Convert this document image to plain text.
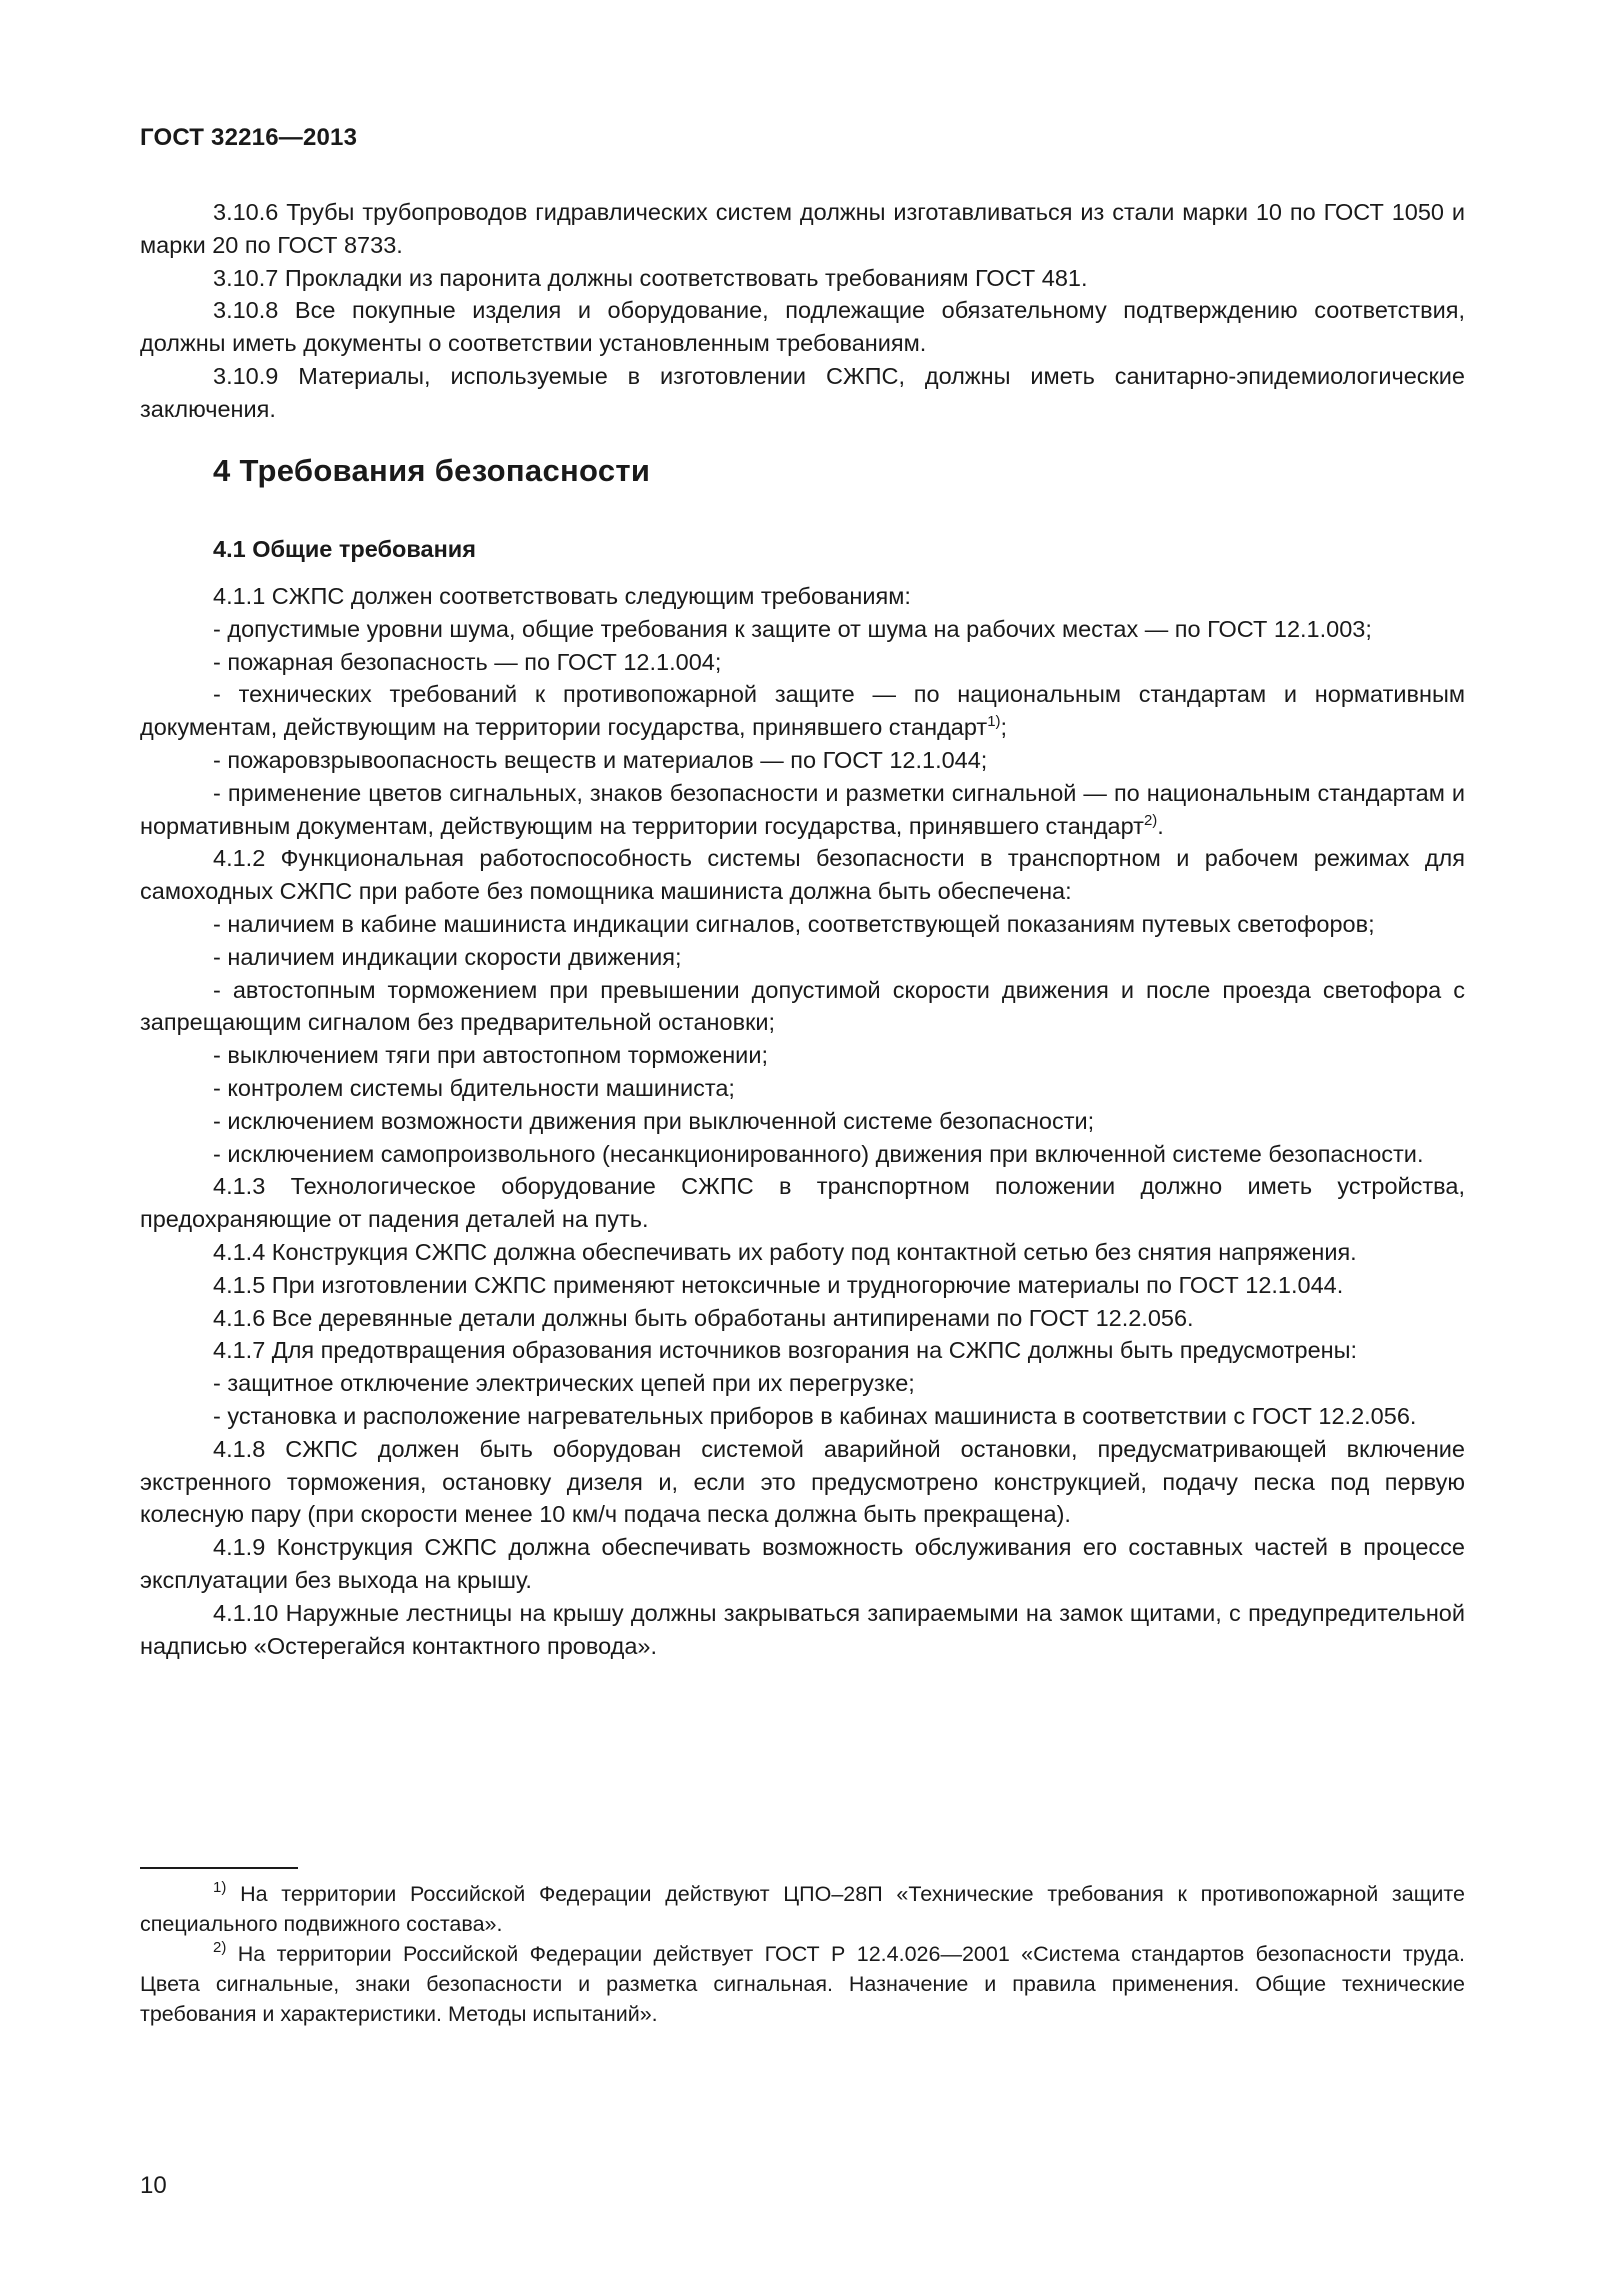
ГОСТ 32216—2013

3.10.6 Трубы трубопроводов гидравлических систем должны изготавливаться из стали марки 10 по ГОСТ 1050 и марки 20 по ГОСТ 8733.

3.10.7 Прокладки из паронита должны соответствовать требованиям ГОСТ 481.

3.10.8 Все покупные изделия и оборудование, подлежащие обязательному подтверждению соответствия, должны иметь документы о соответствии установленным требованиям.

3.10.9 Материалы, используемые в изготовлении СЖПС, должны иметь санитарно-эпидемиологические заключения.

4 Требования безопасности
4.1 Общие требования

4.1.1 СЖПС должен соответствовать следующим требованиям:

- допустимые уровни шума, общие требования к защите от шума на рабочих местах — по ГОСТ 12.1.003;

- пожарная безопасность — по ГОСТ 12.1.004;

- технических требований к противопожарной защите — по национальным стандартам и нормативным документам, действующим на территории государства, принявшего стандарт$^{1)}$;

- пожаровзрывоопасность веществ и материалов — по ГОСТ 12.1.044;

- применение цветов сигнальных, знаков безопасности и разметки сигнальной — по национальным стандартам и нормативным документам, действующим на территории государства, принявшего стандарт$^{2)}$.

4.1.2 Функциональная работоспособность системы безопасности в транспортном и рабочем режимах для самоходных СЖПС при работе без помощника машиниста должна быть обеспечена:

- наличием в кабине машиниста индикации сигналов, соответствующей показаниям путевых светофоров;

- наличием индикации скорости движения;

- автостопным торможением при превышении допустимой скорости движения и после проезда светофора с запрещающим сигналом без предварительной остановки;

- выключением тяги при автостопном торможении;

- контролем системы бдительности машиниста;

- исключением возможности движения при выключенной системе безопасности;

- исключением самопроизвольного (несанкционированного) движения при включенной системе безопасности.

4.1.3 Технологическое оборудование СЖПС в транспортном положении должно иметь устройства, предохраняющие от падения деталей на путь.

4.1.4 Конструкция СЖПС должна обеспечивать их работу под контактной сетью без снятия напряжения.

4.1.5 При изготовлении СЖПС применяют нетоксичные и трудногорючие материалы по ГОСТ 12.1.044.

4.1.6 Все деревянные детали должны быть обработаны антипиренами по ГОСТ 12.2.056.

4.1.7 Для предотвращения образования источников возгорания на СЖПС должны быть предусмотрены:

- защитное отключение электрических цепей при их перегрузке;

- установка и расположение нагревательных приборов в кабинах машиниста в соответствии с ГОСТ 12.2.056.

4.1.8 СЖПС должен быть оборудован системой аварийной остановки, предусматривающей включение экстренного торможения, остановку дизеля и, если это предусмотрено конструкцией, подачу песка под первую колесную пару (при скорости менее 10 км/ч подача песка должна быть прекращена).

4.1.9 Конструкция СЖПС должна обеспечивать возможность обслуживания его составных частей в процессе эксплуатации без выхода на крышу.

4.1.10 Наружные лестницы на крышу должны закрываться запираемыми на замок щитами, с предупредительной надписью «Остерегайся контактного провода».

$^{1)}$ На территории Российской Федерации действуют ЦПО–28П «Технические требования к противопожарной защите специального подвижного состава».

$^{2)}$ На территории Российской Федерации действует ГОСТ Р 12.4.026—2001 «Система стандартов безопасности труда. Цвета сигнальные, знаки безопасности и разметка сигнальная. Назначение и правила применения. Общие технические требования и характеристики. Методы испытаний».

10
